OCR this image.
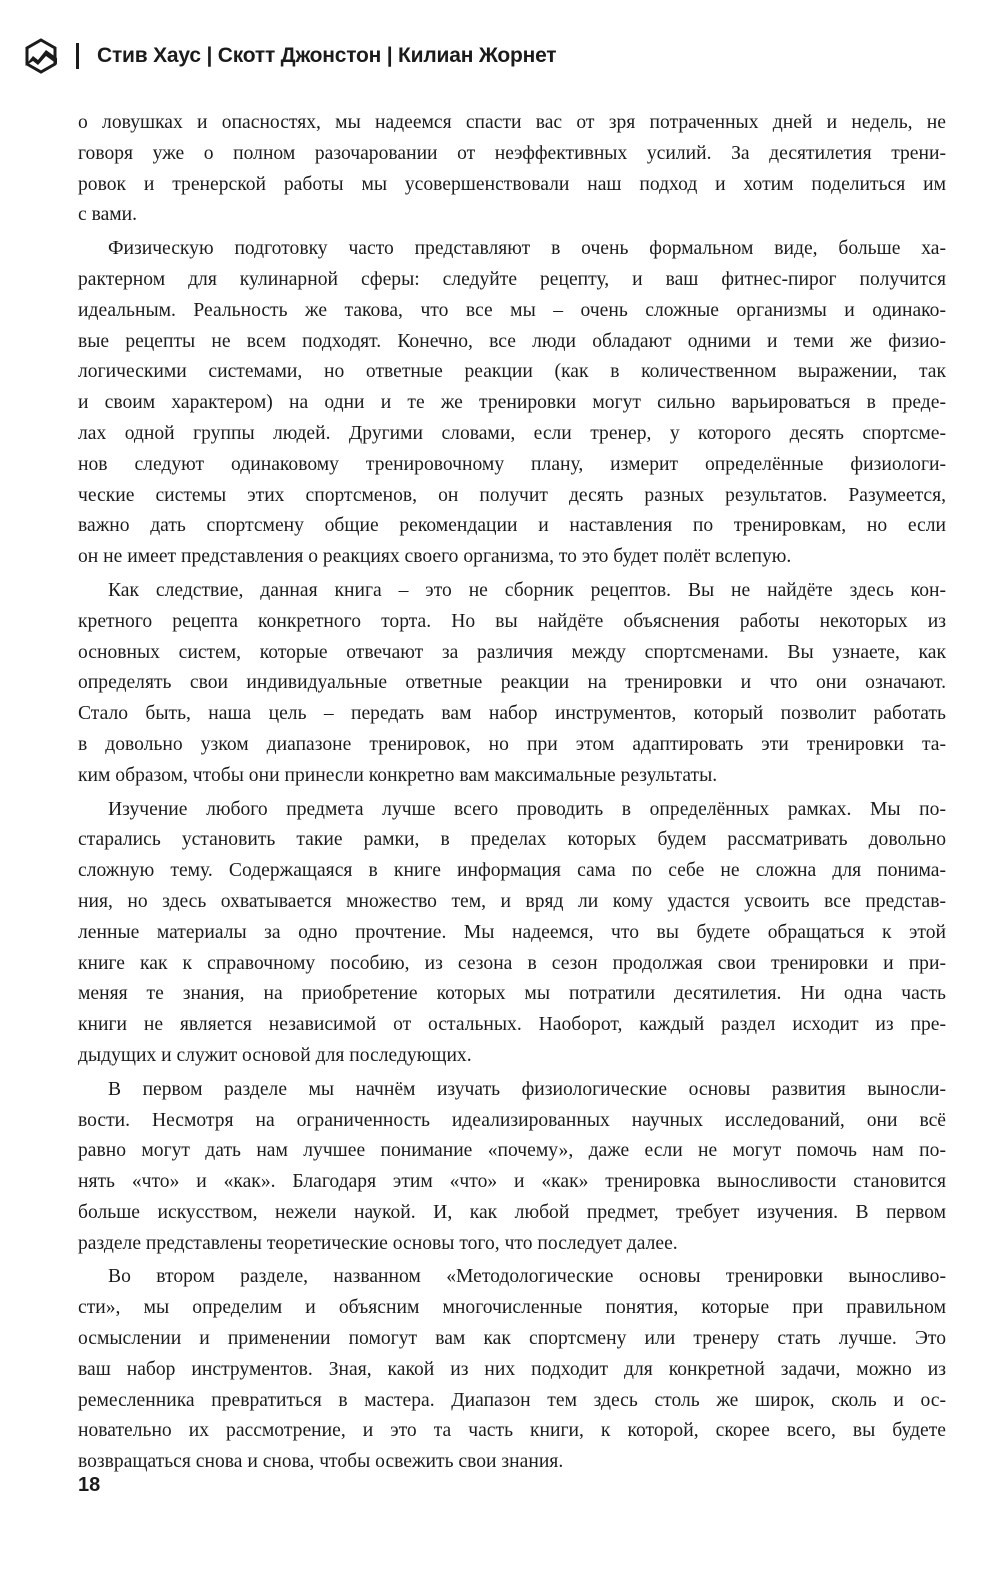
Стив Хаус | Скотт Джонстон | Килиан Жорнет
о ловушках и опасностях, мы надеемся спасти вас от зря потраченных дней и недель, не
говоря уже о полном разочаровании от неэффективных усилий. За десятилетия трени-
ровок и тренерской работы мы усовершенствовали наш подход и хотим поделиться им
с вами.
Физическую подготовку часто представляют в очень формальном виде, больше ха-
рактерном для кулинарной сферы: следуйте рецепту, и ваш фитнес-пирог получится
идеальным. Реальность же такова, что все мы – очень сложные организмы и одинако-
вые рецепты не всем подходят. Конечно, все люди обладают одними и теми же физио-
логическими системами, но ответные реакции (как в количественном выражении, так
и своим характером) на одни и те же тренировки могут сильно варьироваться в преде-
лах одной группы людей. Другими словами, если тренер, у которого десять спортсме-
нов следуют одинаковому тренировочному плану, измерит определённые физиологи-
ческие системы этих спортсменов, он получит десять разных результатов. Разумеется,
важно дать спортсмену общие рекомендации и наставления по тренировкам, но если
он не имеет представления о реакциях своего организма, то это будет полёт вслепую.
Как следствие, данная книга – это не сборник рецептов. Вы не найдёте здесь кон-
кретного рецепта конкретного торта. Но вы найдёте объяснения работы некоторых из
основных систем, которые отвечают за различия между спортсменами. Вы узнаете, как
определять свои индивидуальные ответные реакции на тренировки и что они означают.
Стало быть, наша цель – передать вам набор инструментов, который позволит работать
в довольно узком диапазоне тренировок, но при этом адаптировать эти тренировки та-
ким образом, чтобы они принесли конкретно вам максимальные результаты.
Изучение любого предмета лучше всего проводить в определённых рамках. Мы по-
старались установить такие рамки, в пределах которых будем рассматривать довольно
сложную тему. Содержащаяся в книге информация сама по себе не сложна для понима-
ния, но здесь охватывается множество тем, и вряд ли кому удастся усвоить все представ-
ленные материалы за одно прочтение. Мы надеемся, что вы будете обращаться к этой
книге как к справочному пособию, из сезона в сезон продолжая свои тренировки и при-
меняя те знания, на приобретение которых мы потратили десятилетия. Ни одна часть
книги не является независимой от остальных. Наоборот, каждый раздел исходит из пре-
дыдущих и служит основой для последующих.
В первом разделе мы начнём изучать физиологические основы развития выносли-
вости. Несмотря на ограниченность идеализированных научных исследований, они всё
равно могут дать нам лучшее понимание «почему», даже если не могут помочь нам по-
нять «что» и «как». Благодаря этим «что» и «как» тренировка выносливости становится
больше искусством, нежели наукой. И, как любой предмет, требует изучения. В первом
разделе представлены теоретические основы того, что последует далее.
Во втором разделе, названном «Методологические основы тренировки выносливо-
сти», мы определим и объясним многочисленные понятия, которые при правильном
осмыслении и применении помогут вам как спортсмену или тренеру стать лучше. Это
ваш набор инструментов. Зная, какой из них подходит для конкретной задачи, можно из
ремесленника превратиться в мастера. Диапазон тем здесь столь же широк, сколь и ос-
новательно их рассмотрение, и это та часть книги, к которой, скорее всего, вы будете
возвращаться снова и снова, чтобы освежить свои знания.
18
